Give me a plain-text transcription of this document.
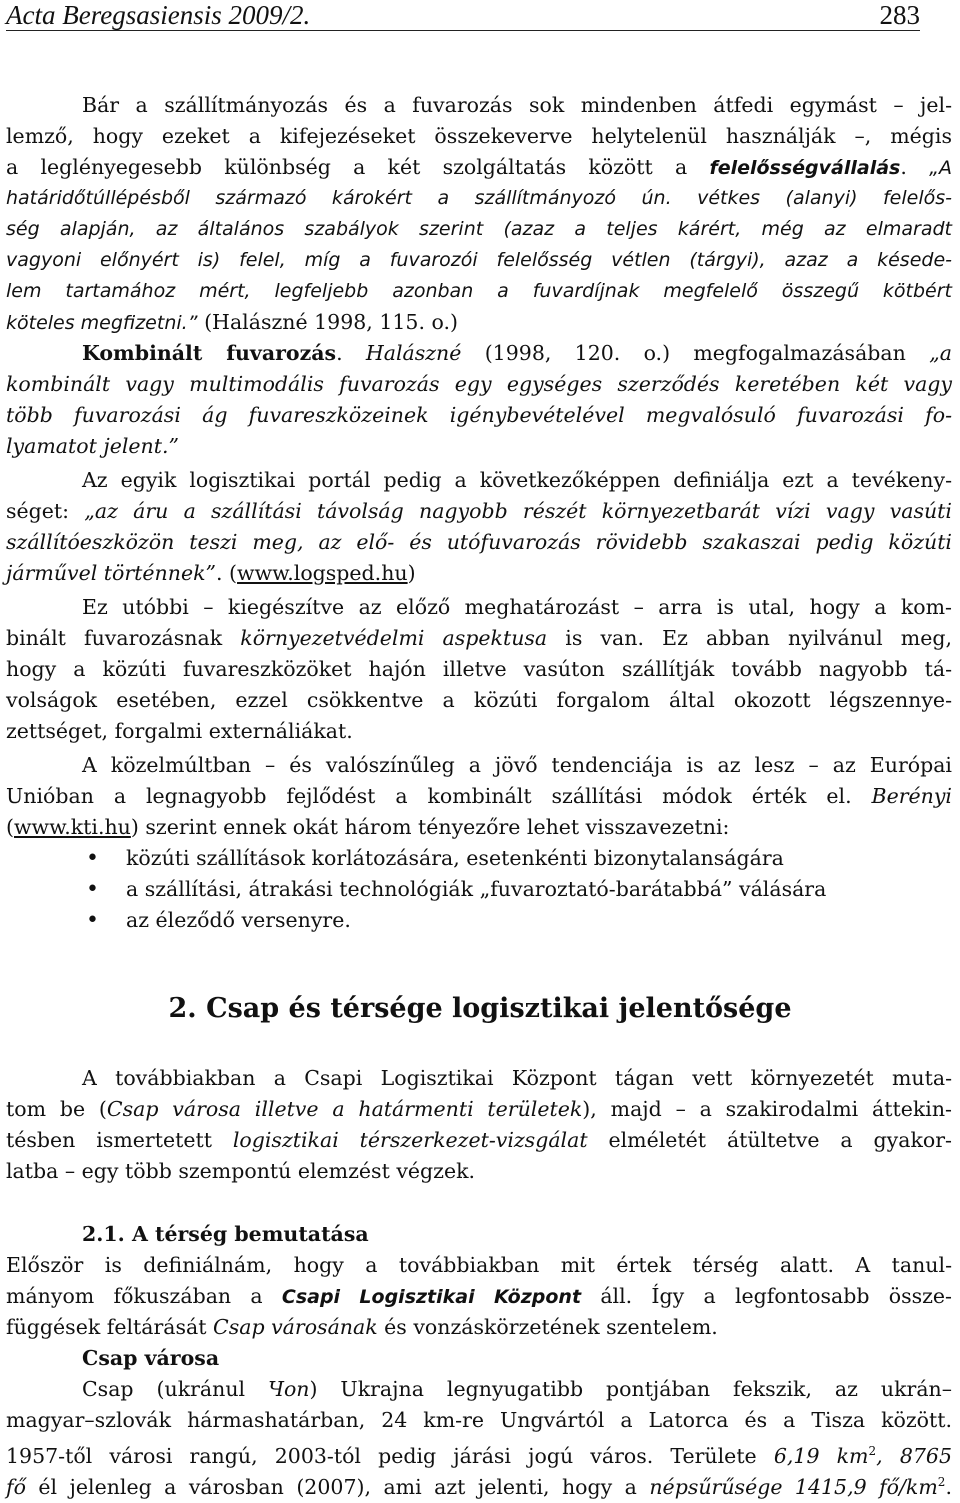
Acta Beregsasiensis 2009/2.	283
Bár a szállítmányozás és a fuvarozás sok mindenben átfedi egymást – jel-
lemző, hogy ezeket a kifejezéseket összekeverve helytelenül használják –, mégis
a leglényegesebb különbség a két szolgáltatás között a felelősségvállalás. „A
határidőtúllépésből származó károkért a szállítmányozó ún. vétkes (alanyi) felelős-
ség alapján, az általános szabályok szerint (azaz a teljes kárért, még az elmaradt
vagyoni előnyért is) felel, míg a fuvarozói felelősség vétlen (tárgyi), azaz a késede-
lem tartamához mért, legfeljebb azonban a fuvardíjnak megfelelő összegű kötbért
köteles megfizetni.” (Halászné 1998, 115. o.)
Kombinált fuvarozás. Halászné (1998, 120. o.) megfogalmazásában „a
kombinált vagy multimodális fuvarozás egy egységes szerződés keretében két vagy
több fuvarozási ág fuvareszközeinek igénybevételével megvalósuló fuvarozási fo-
lyamatot jelent.”
Az egyik logisztikai portál pedig a következőképpen definiálja ezt a tevékeny-
séget: „az áru a szállítási távolság nagyobb részét környezetbarát vízi vagy vasúti
szállítóeszközön teszi meg, az elő- és utófuvarozás rövidebb szakaszai pedig közúti
járművel történnek”. (www.logsped.hu)
Ez utóbbi – kiegészítve az előző meghatározást – arra is utal, hogy a kom-
binált fuvarozásnak környezetvédelmi aspektusa is van. Ez abban nyilvánul meg,
hogy a közúti fuvareszközöket hajón illetve vasúton szállítják tovább nagyobb tá-
volságok esetében, ezzel csökkentve a közúti forgalom által okozott légszennye-
zettséget, forgalmi externáliákat.
A közelmúltban – és valószínűleg a jövő tendenciája is az lesz – az Európai
Unióban a legnagyobb fejlődést a kombinált szállítási módok érték el. Berényi
(www.kti.hu) szerint ennek okát három tényezőre lehet visszavezetni:
• közúti szállítások korlátozására, esetenkénti bizonytalanságára
• a szállítási, átrakási technológiák „fuvaroztató-barátabbá” válására
• az éleződő versenyre.
2. Csap és térsége logisztikai jelentősége
A továbbiakban a Csapi Logisztikai Központ tágan vett környezetét muta-
tom be (Csap városa illetve a határmenti területek), majd – a szakirodalmi áttekin-
tésben ismertetett logisztikai térszerkezet-vizsgálat elméletét átültetve a gyakor-
latba – egy több szempontú elemzést végzek.
2.1. A térség bemutatása
Először is definiálnám, hogy a továbbiakban mit értek térség alatt. A tanul-
mányom főkuszában a Csapi Logisztikai Központ áll. Így a legfontosabb össze-
függések feltárását Csap városának és vonzáskörzetének szentelem.
Csap városa
Csap (ukránul Чоп) Ukrajna legnyugatibb pontjában fekszik, az ukrán–
magyar–szlovák hármashatárban, 24 km-re Ungvártól a Latorca és a Tisza között.
1957-től városi rangú, 2003-tól pedig járási jogú város. Területe 6,19 $km^2$, 8765
fő él jelenleg a városban (2007), ami azt jelenti, hogy a népsűrűsége 1415,9 $fő/km^2$.
